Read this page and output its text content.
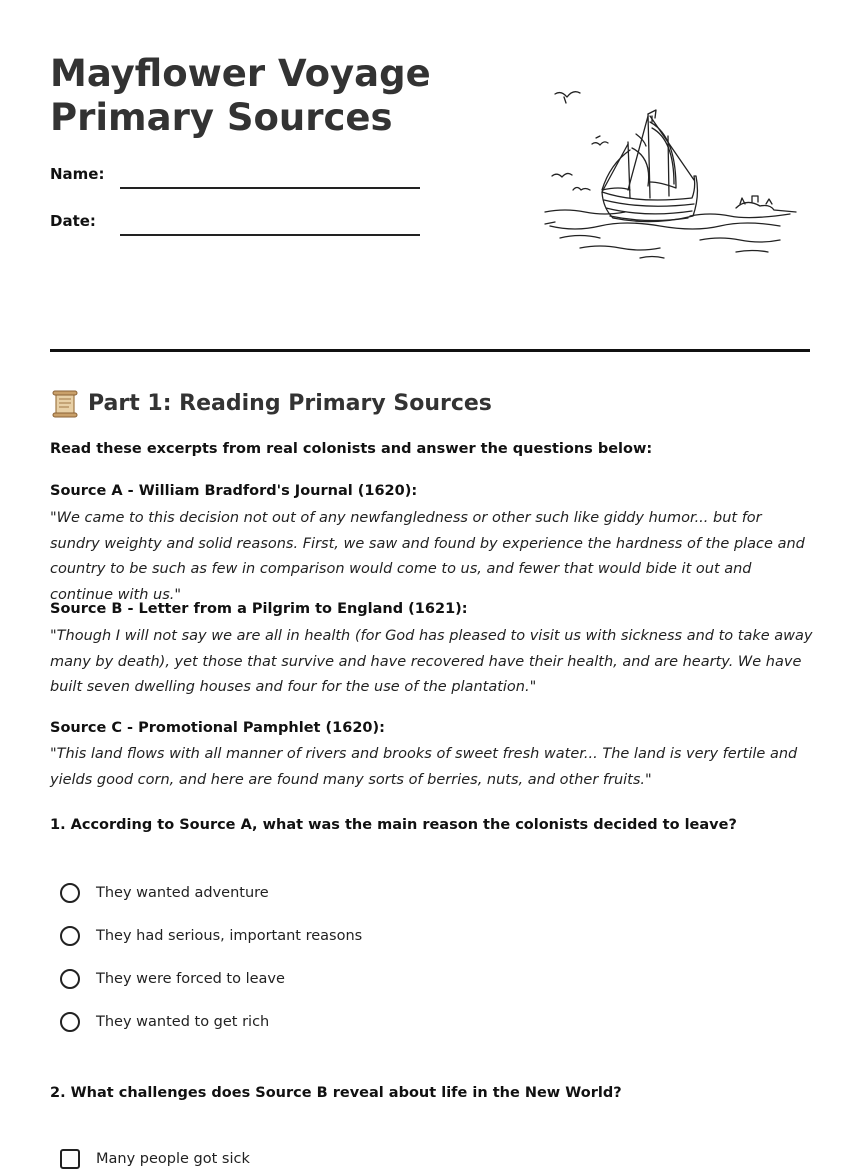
Mayflower Voyage
Primary Sources
Name:
Date:
Part 1: Reading Primary Sources
Read these excerpts from real colonists and answer the questions below:
Source A - William Bradford's Journal (1620):
"We came to this decision not out of any newfangledness or other such like giddy humor... but for sundry weighty and solid reasons. First, we saw and found by experience the hardness of the place and country to be such as few in comparison would come to us, and fewer that would bide it out and continue with us."
Source B - Letter from a Pilgrim to England (1621):
"Though I will not say we are all in health (for God has pleased to visit us with sickness and to take away many by death), yet those that survive and have recovered have their health, and are hearty. We have built seven dwelling houses and four for the use of the plantation."
Source C - Promotional Pamphlet (1620):
"This land flows with all manner of rivers and brooks of sweet fresh water... The land is very fertile and yields good corn, and here are found many sorts of berries, nuts, and other fruits."
1. According to Source A, what was the main reason the colonists decided to leave?
They wanted adventure
They had serious, important reasons
They were forced to leave
They wanted to get rich
2. What challenges does Source B reveal about life in the New World?
Many people got sick
